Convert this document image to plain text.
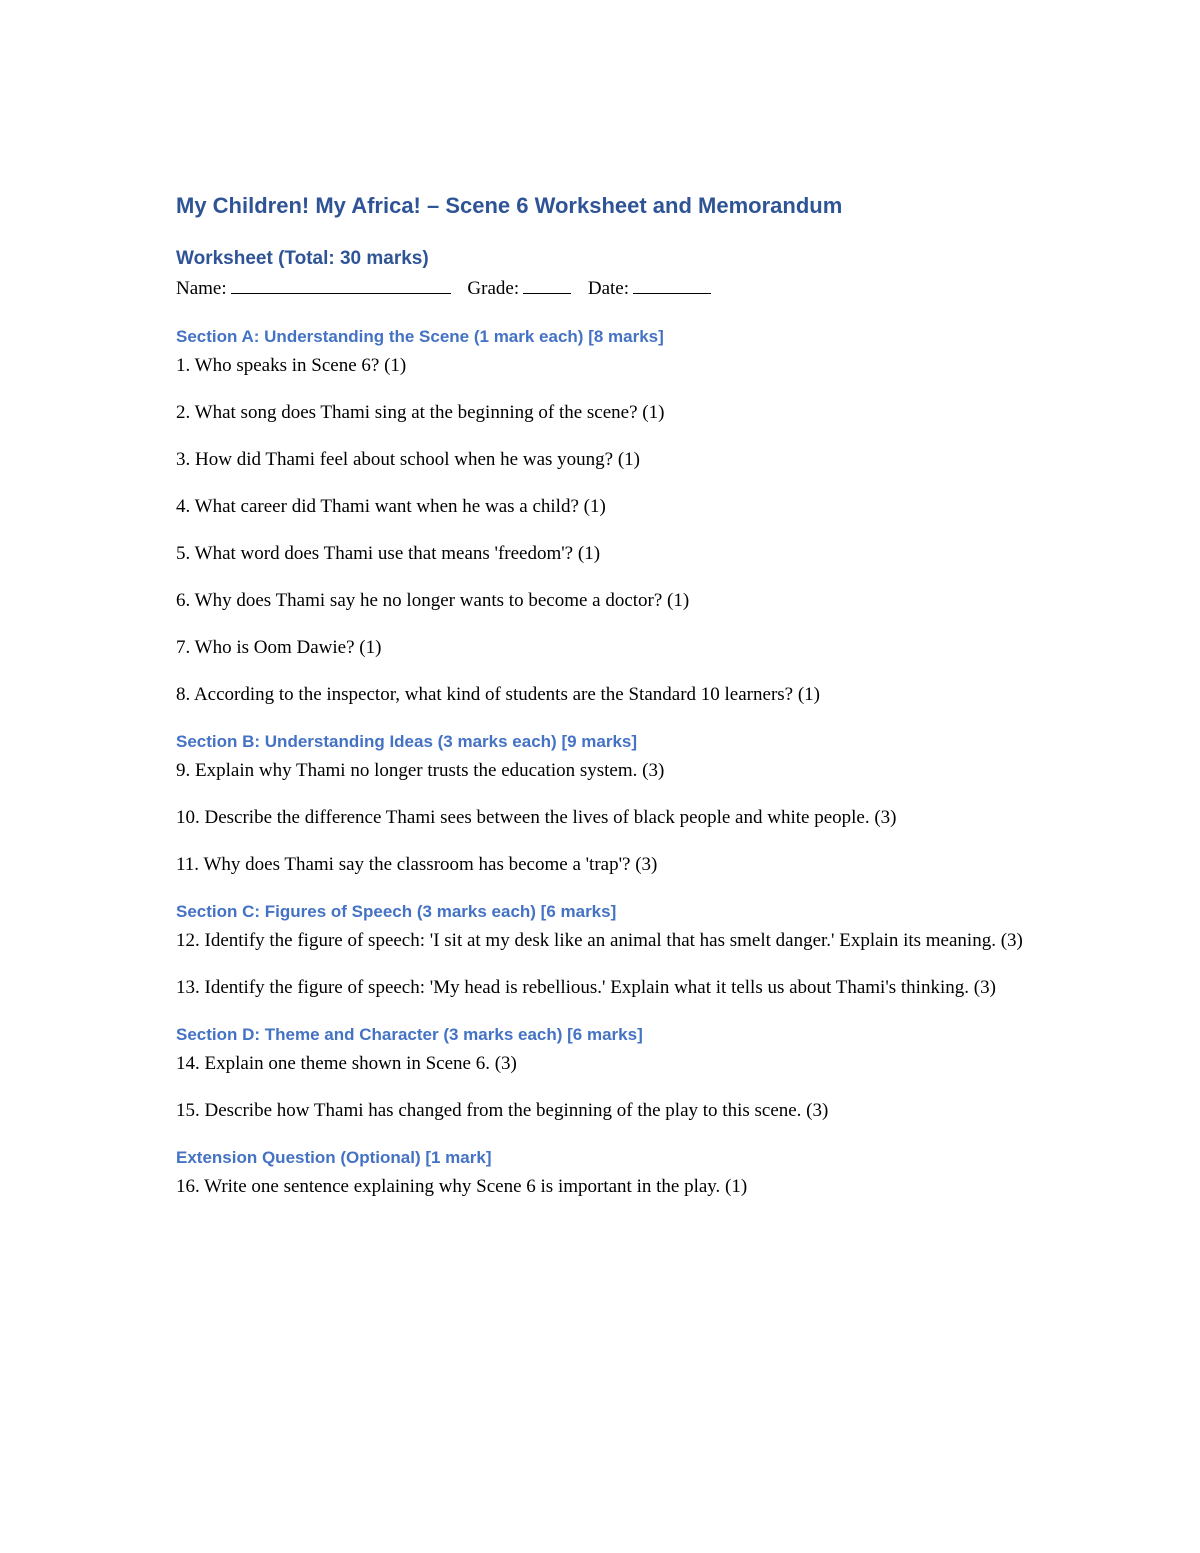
My Children! My Africa! – Scene 6 Worksheet and Memorandum
Worksheet (Total: 30 marks)

Name:	Grade:	Date:

Section A: Understanding the Scene (1 mark each) [8 marks]
1. Who speaks in Scene 6? (1)
2. What song does Thami sing at the beginning of the scene? (1)
3. How did Thami feel about school when he was young? (1)
4. What career did Thami want when he was a child? (1)
5. What word does Thami use that means 'freedom'? (1)
6. Why does Thami say he no longer wants to become a doctor? (1)
7. Who is Oom Dawie? (1)
8. According to the inspector, what kind of students are the Standard 10 learners? (1)
Section B: Understanding Ideas (3 marks each) [9 marks]
9. Explain why Thami no longer trusts the education system. (3)
10. Describe the difference Thami sees between the lives of black people and white people. (3)
11. Why does Thami say the classroom has become a 'trap'? (3)
Section C: Figures of Speech (3 marks each) [6 marks]
12. Identify the figure of speech: 'I sit at my desk like an animal that has smelt danger.' Explain its meaning. (3)
13. Identify the figure of speech: 'My head is rebellious.' Explain what it tells us about Thami's thinking. (3)
Section D: Theme and Character (3 marks each) [6 marks]
14. Explain one theme shown in Scene 6. (3)
15. Describe how Thami has changed from the beginning of the play to this scene. (3)
Extension Question (Optional) [1 mark]
16. Write one sentence explaining why Scene 6 is important in the play. (1)
